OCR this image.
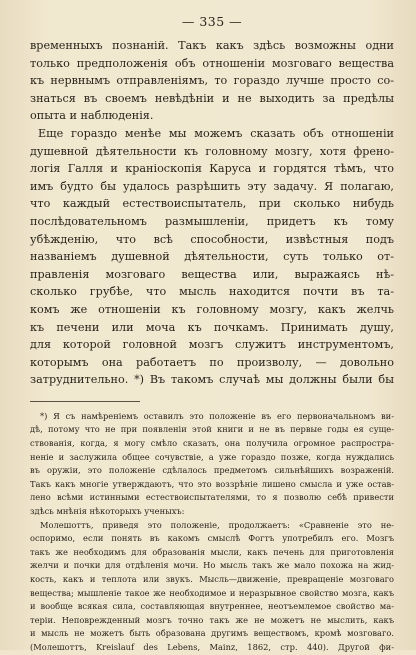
— 335 —
временныхъ познаній. Такъ какъ здѣсь возможны одни
только предположенія объ отношеніи мозговаго вещества
къ нервнымъ отправленіямъ, то гораздо лучше просто со-
знаться въ своемъ невѣдѣніи и не выходить за предѣлы
опыта и наблюденія.
Еще гораздо менѣе мы можемъ сказать объ отношеніи
душевной дѣятельности къ головному мозгу, хотя френо-
логія Галля и краніоскопія Каруса и гордятся тѣмъ, что
имъ будто бы удалось разрѣшить эту задачу. Я полагаю,
что каждый естествоиспытатель, при сколько нибудь
послѣдовательномъ размышленіи, придетъ къ тому
убѣжденію, что всѣ способности, извѣстныя подъ
названіемъ душевной дѣятельности, суть только от-
правленія мозговаго вещества или, выражаясь нѣ-
сколько грубѣе, что мысль находится почти въ та-
комъ же отношеніи къ головному мозгу, какъ желчь
къ печени или моча къ почкамъ. Принимать душу,
для которой головной мозгъ служитъ инструментомъ,
которымъ она работаетъ по произволу, — довольно
затруднительно. *) Въ такомъ случаѣ мы должны были бы
*) Я съ намѣреніемъ оставилъ это положеніе въ его первоначальномъ ви-
дѣ, потому что не при появленіи этой книги и не въ первые годы ея суще-
ствованія, когда, я могу смѣло сказать, она получила огромное распростра-
неніе и заслужила общее сочувствіе, а уже гораздо позже, когда нуждались
въ оружіи, это положеніе сдѣлалось предметомъ сильнѣйшихъ возраженій.
Такъ какъ многіе утверждаютъ, что это воззрѣніе лишено смысла и уже остав-
лено всѣми истинными естествоиспытателями, то я позволю себѣ привести
здѣсь мнѣнія нѣкоторыхъ ученыхъ:
Молешоттъ, приведя это положеніе, продолжаетъ: «Сравненіе это не-
оспоримо, если понять въ какомъ смыслѣ Фогтъ употребилъ его. Мозгъ
такъ же необходимъ для образованія мысли, какъ печень для приготовленія
желчи и почки для отдѣленія мочи. Но мысль такъ же мало похожа на жид-
кость, какъ и теплота или звукъ. Мысль—движеніе, превращеніе мозговаго
вещества; мышленіе такое же необходимое и неразрывное свойство мозга, какъ
и вообще всякая сила, составляющая внутреннее, неотъемлемое свойство ма-
теріи. Неповрежденный мозгъ точно такъ же не можетъ не мыслить, какъ
и мысль не можетъ быть образована другимъ веществомъ, кромѣ мозговаго.
(Молешоттъ, Kreislauf des Lebens, Mainz, 1862, стр. 440). Другой фи-
